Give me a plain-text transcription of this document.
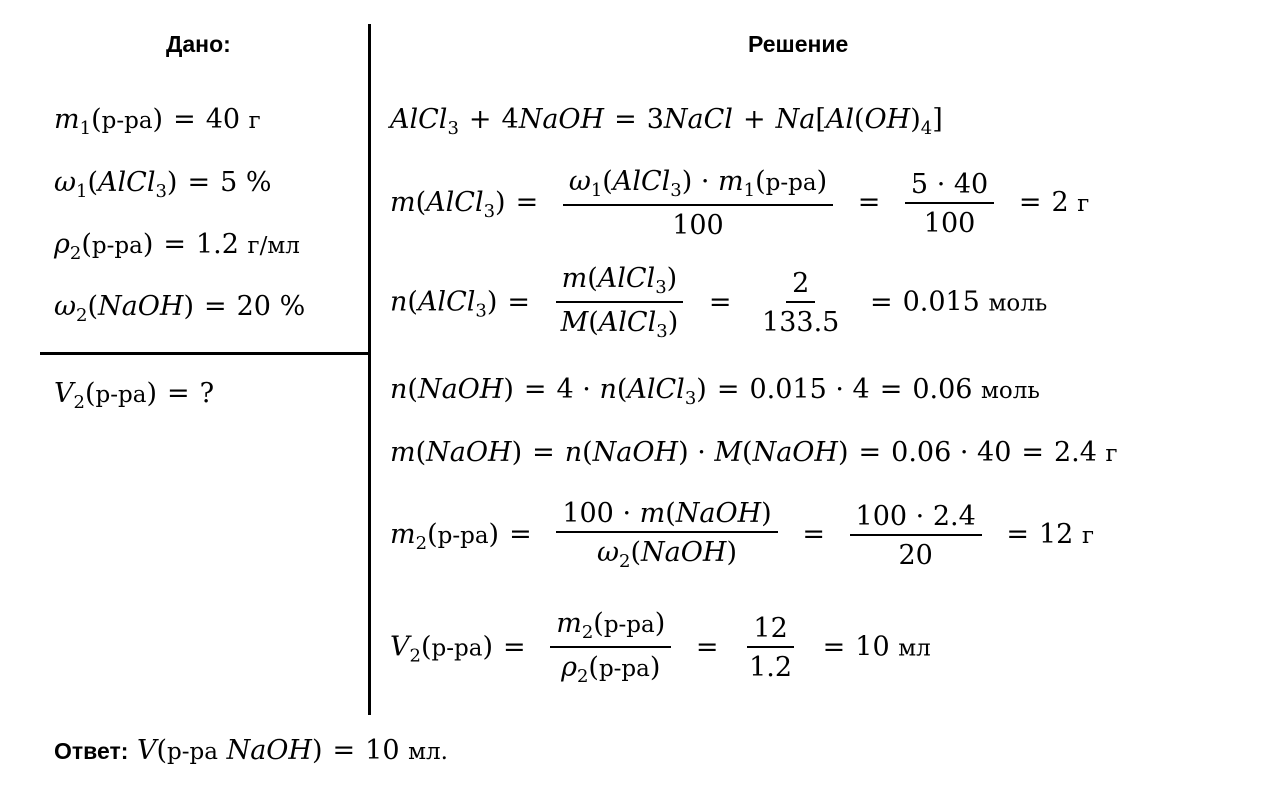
Дано:	Решение
$m_1(р-ра) = 40$ г
$\omega_1(AlCl_3) = 5$ %
$\rho_2(р-ра) = 1.2$ г/мл
$\omega_2(NaOH) = 20$ %
$V_2(р-ра)$ = ?
AlCl$_3$ + 4NaOH = 3NaCl + $Na[Al(OH)_4]$
m(AlCl$_3$) = $\frac{\omega_1(AlCl_3) \cdot m_1(р-ра)}{100} = \frac{5 \cdot 40}{100} = 2$ г
n(AlCl$_3$) = $\frac{m(AlCl_3)}{M(AlCl_3)} = \frac{2}{133.5} = 0.015$ моль
n(NaOH) = 4 · n(AlCl$_3$) = 0.015 · 4 = 0.06 моль
m(NaOH) = n(NaOH) · M(NaOH) = 0.06 · 40 = 2.4 г
$m_2(р-ра) = \frac{\text{100 · m(NaOH)}}{\omega_2(NaOH)} = \frac{100 \cdot 2.4}{20} = 12$ г
$V_2(р-ра) = \frac{m_2(р-ра)}{\rho_2(р-ра)} = \frac{12}{1.2} = 10$ мл
Ответ: V(р-ра NaOH) = 10 мл.
